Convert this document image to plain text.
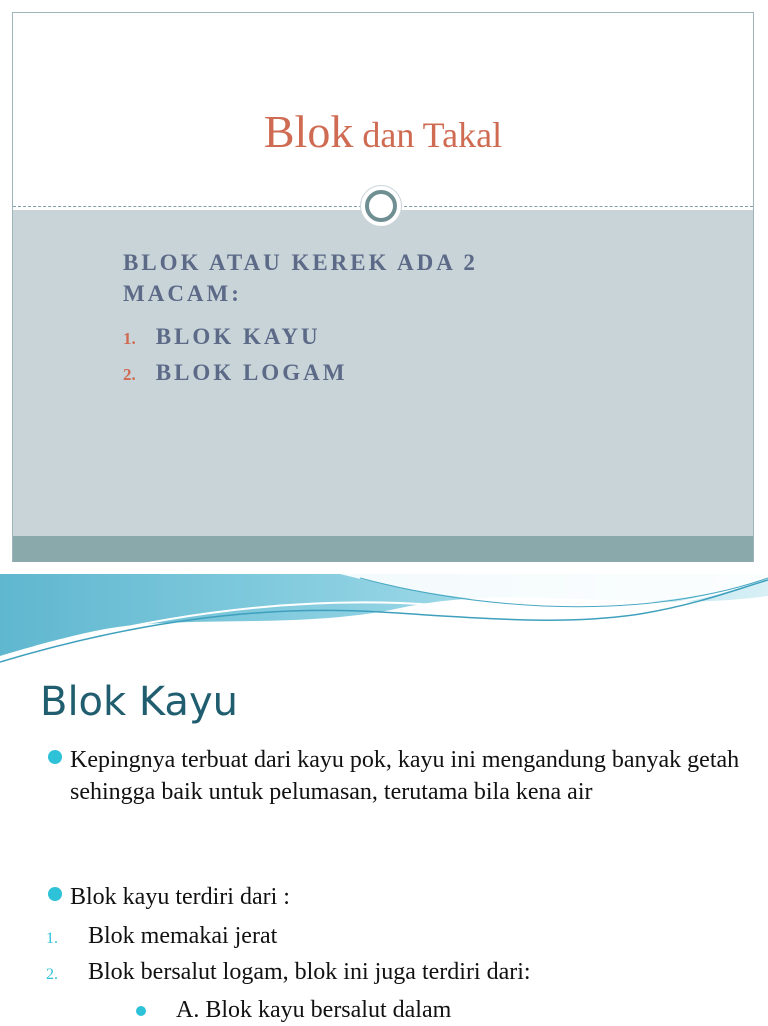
Blok dan Takal
BLOK ATAU KEREK ADA 2 MACAM:
1. BLOK KAYU
2. BLOK LOGAM
Blok Kayu
Kepingnya terbuat dari kayu pok, kayu ini mengandung banyak getah sehingga baik untuk pelumasan, terutama bila kena air
Blok kayu terdiri dari :
1. Blok memakai jerat
2. Blok bersalut logam, blok ini juga terdiri dari:
A. Blok kayu bersalut dalam
